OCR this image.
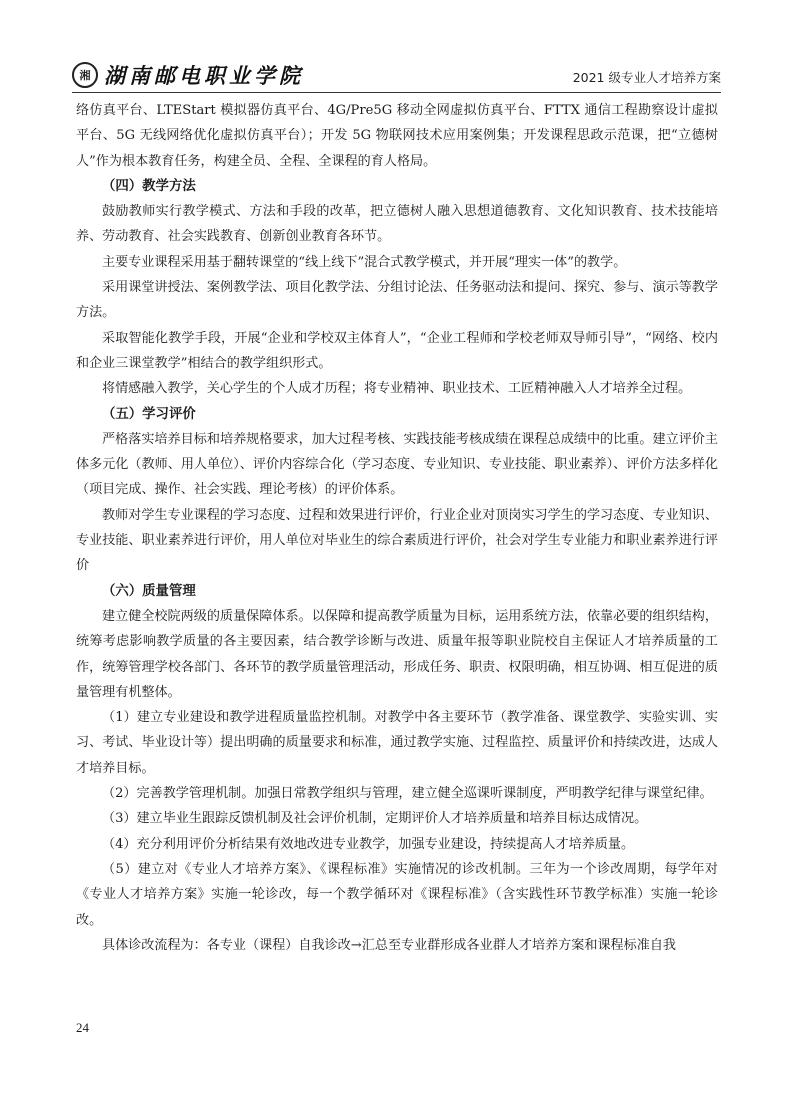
湘 湖南邮电职业学院	2021 级专业人才培养方案

络仿真平台、LTEStart 模拟器仿真平台、4G/Pre5G 移动全网虚拟仿真平台、FTTX 通信工程勘察设计虚拟平台、5G 无线网络优化虚拟仿真平台）；开发 5G 物联网技术应用案例集；开发课程思政示范课，把“立德树人”作为根本教育任务，构建全员、全程、全课程的育人格局。

（四）教学方法

鼓励教师实行教学模式、方法和手段的改革，把立德树人融入思想道德教育、文化知识教育、技术技能培养、劳动教育、社会实践教育、创新创业教育各环节。

主要专业课程采用基于翻转课堂的“线上线下”混合式教学模式，并开展“理实一体”的教学。

采用课堂讲授法、案例教学法、项目化教学法、分组讨论法、任务驱动法和提问、探究、参与、演示等教学方法。

采取智能化教学手段，开展“企业和学校双主体育人”，“企业工程师和学校老师双导师引导”，“网络、校内和企业三课堂教学”相结合的教学组织形式。

将情感融入教学，关心学生的个人成才历程；将专业精神、职业技术、工匠精神融入人才培养全过程。

（五）学习评价

严格落实培养目标和培养规格要求，加大过程考核、实践技能考核成绩在课程总成绩中的比重。建立评价主体多元化（教师、用人单位）、评价内容综合化（学习态度、专业知识、专业技能、职业素养）、评价方法多样化（项目完成、操作、社会实践、理论考核）的评价体系。

教师对学生专业课程的学习态度、过程和效果进行评价，行业企业对顶岗实习学生的学习态度、专业知识、专业技能、职业素养进行评价，用人单位对毕业生的综合素质进行评价，社会对学生专业能力和职业素养进行评价

（六）质量管理

建立健全校院两级的质量保障体系。以保障和提高教学质量为目标，运用系统方法，依靠必要的组织结构，统筹考虑影响教学质量的各主要因素，结合教学诊断与改进、质量年报等职业院校自主保证人才培养质量的工作，统筹管理学校各部门、各环节的教学质量管理活动，形成任务、职责、权限明确，相互协调、相互促进的质量管理有机整体。

（1）建立专业建设和教学进程质量监控机制。对教学中各主要环节（教学准备、课堂教学、实验实训、实习、考试、毕业设计等）提出明确的质量要求和标准，通过教学实施、过程监控、质量评价和持续改进，达成人才培养目标。

（2）完善教学管理机制。加强日常教学组织与管理，建立健全巡课听课制度，严明教学纪律与课堂纪律。

（3）建立毕业生跟踪反馈机制及社会评价机制，定期评价人才培养质量和培养目标达成情况。

（4）充分利用评价分析结果有效地改进专业教学，加强专业建设，持续提高人才培养质量。

（5）建立对《专业人才培养方案》、《课程标准》实施情况的诊改机制。三年为一个诊改周期，每学年对《专业人才培养方案》实施一轮诊改，每一个教学循环对《课程标准》（含实践性环节教学标准）实施一轮诊改。

具体诊改流程为：各专业（课程）自我诊改→汇总至专业群形成各业群人才培养方案和课程标准自我

24
